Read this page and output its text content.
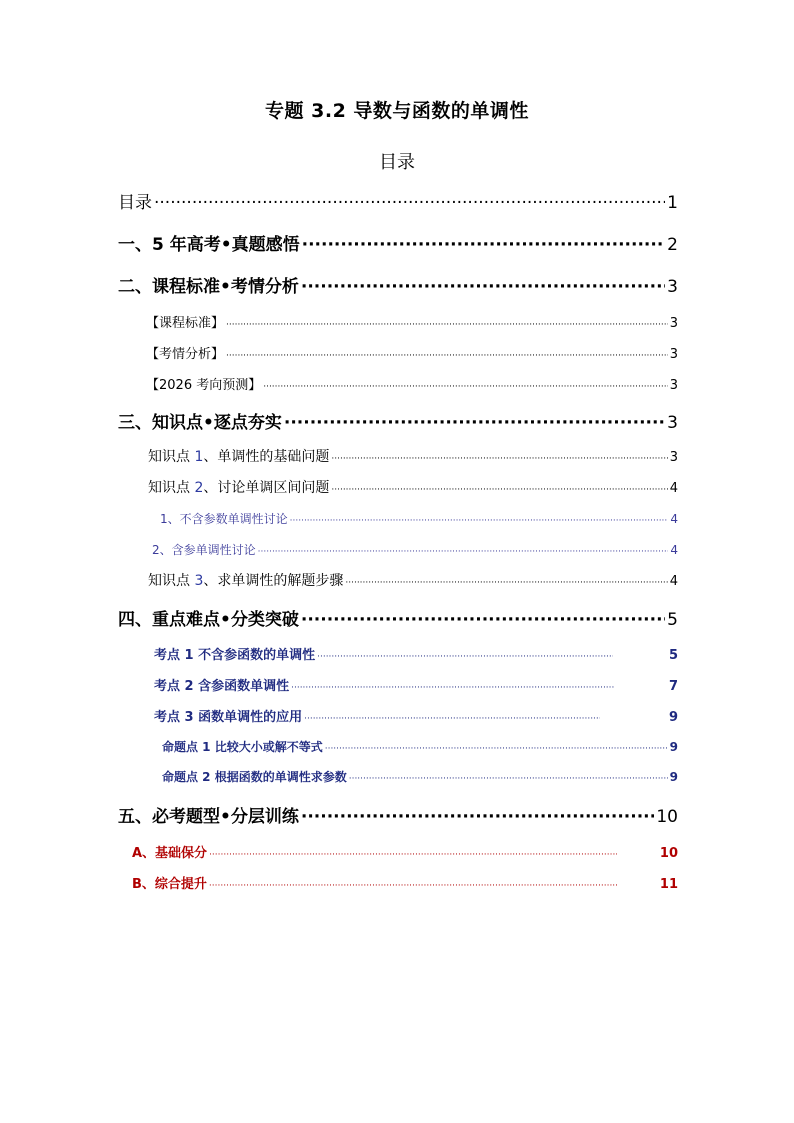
专题 3.2 导数与函数的单调性
目录
目录 ·····	1
一、5 年高考•真题感悟 ·····	2
二、课程标准•考情分析 ·····	3
【课程标准】 ·····	3
【考情分析】 ·····	3
【2026 考向预测】 ·····	3
三、知识点•逐点夯实 ·····	3
知识点 1、单调性的基础问题 ·····	3
知识点 2、讨论单调区间问题 ·····	4
1、不含参数单调性讨论 ·····	4
2、含参单调性讨论 ·····	4
知识点 3、求单调性的解题步骤 ·····	4
四、重点难点•分类突破 ·····	5
考点 1 不含参函数的单调性 ·····	5
考点 2 含参函数单调性 ·····	7
考点 3 函数单调性的应用 ·····	9
命题点 1 比较大小或解不等式 ·····	9
命题点 2 根据函数的单调性求参数 ·····	9
五、必考题型•分层训练 ·····	10
A、基础保分 ·····	10
B、综合提升 ·····	11
